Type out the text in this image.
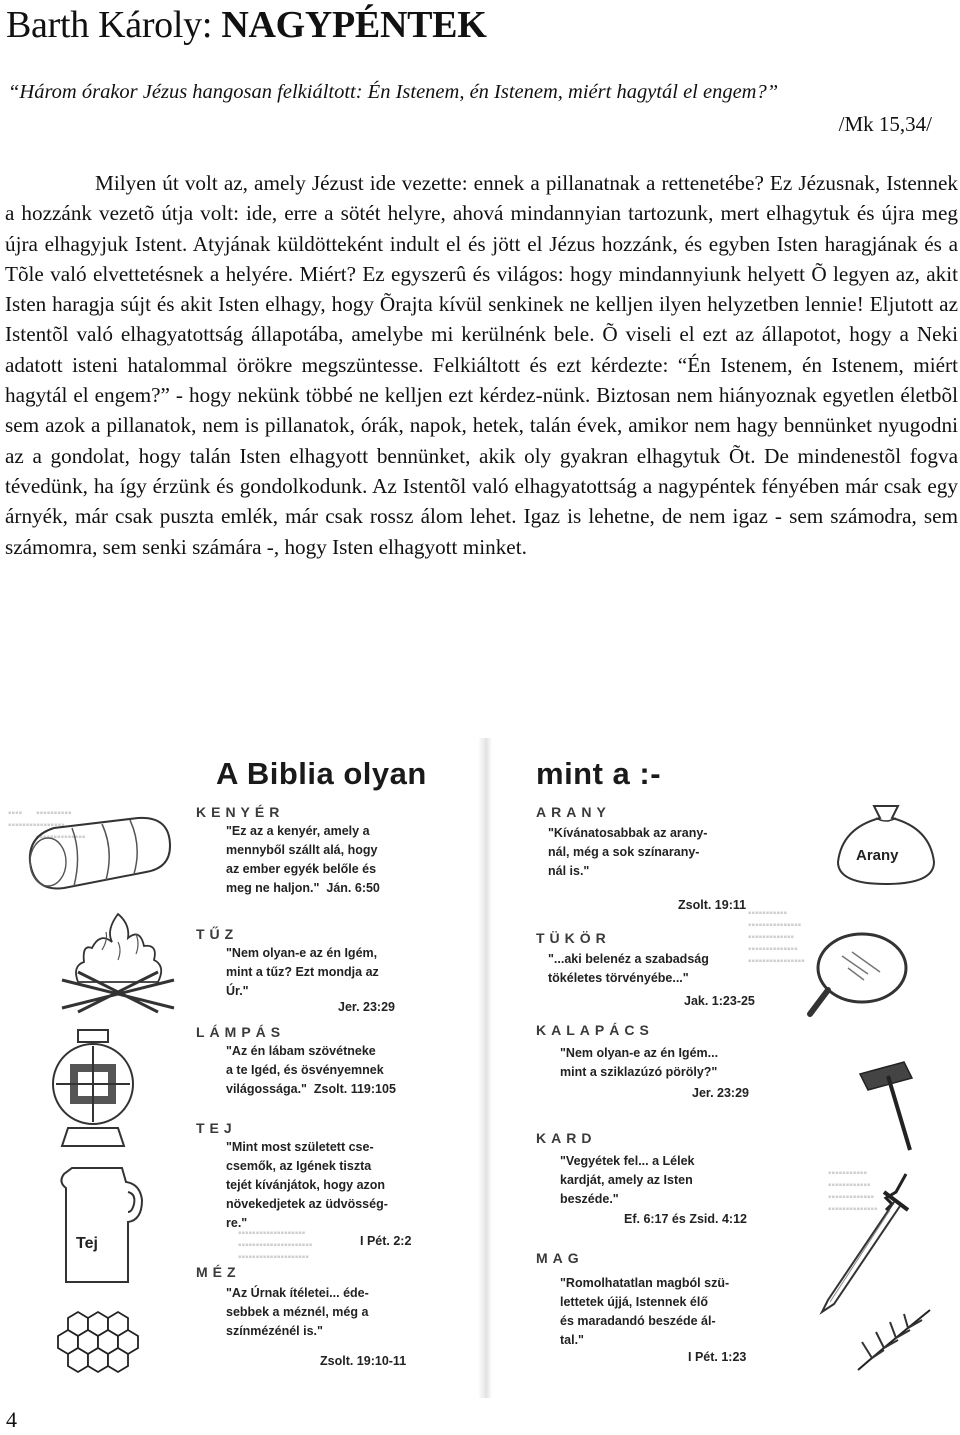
Barth Károly: NAGYPÉNTEK

“Három órakor Jézus hangosan felkiáltott: Én Istenem, én Istenem, miért hagytál el engem?”

/Mk 15,34/

Milyen út volt az, amely Jézust ide vezette: ennek a pillanatnak a rettenetébe? Ez Jézusnak, Istennek a hozzánk vezetõ útja volt: ide, erre a sötét helyre, ahová mindannyian tartozunk, mert elhagytuk és újra meg újra elhagyjuk Istent. Atyjának küldötteként indult el és jött el Jézus hozzánk, és egyben Isten haragjának és a Tõle való elvettetésnek a helyére. Miért? Ez egyszerû és világos: hogy mindannyiunk helyett Õ legyen az, akit Isten haragja sújt és akit Isten elhagy, hogy Õrajta kívül senkinek ne kelljen ilyen helyzetben lennie! Eljutott az Istentõl való elhagyatottság állapotába, amelybe mi kerülnénk bele. Õ viseli el ezt az állapotot, hogy a Neki adatott isteni hatalommal örökre megszüntesse. Felkiáltott és ezt kérdezte: “Én Istenem, én Istenem, miért hagytál el engem?” - hogy nekünk többé ne kelljen ezt kérdez-nünk. Biztosan nem hiányoznak egyetlen életbõl sem azok a pillanatok, nem is pillanatok, órák, napok, hetek, talán évek, amikor nem hagy bennünket nyugodni az a gondolat, hogy talán Isten elhagyott bennünket, akik oly gyakran elhagytuk Õt. De mindenestõl fogva tévedünk, ha így érzünk és gondolkodunk. Az Istentõl való elhagyatottság a nagypéntek fényében már csak egy árnyék, már csak puszta emlék, már csak rossz álom lehet. Igaz is lehetne, de nem igaz - sem számodra, sem számomra, sem senki számára -, hogy Isten elhagyott minket.

▪▪▪▪     ▪▪▪▪▪▪▪▪▪▪
▪▪▪▪▪▪▪▪▪▪▪▪▪▪▪▪
▪▪▪▪▪▪▪▪▪▪▪▪▪▪
▪▪▪▪▪▪▪▪▪▪▪▪▪▪▪▪▪▪▪
▪▪▪▪▪▪▪▪▪▪▪▪▪▪▪▪▪▪▪▪▪
▪▪▪▪▪▪▪▪▪▪▪▪▪▪▪▪▪▪▪▪
▪▪▪▪▪▪▪▪▪▪▪
▪▪▪▪▪▪▪▪▪▪▪▪▪▪▪
▪▪▪▪▪▪▪▪▪▪▪▪▪
▪▪▪▪▪▪▪▪▪▪▪▪▪▪
▪▪▪▪▪▪▪▪▪▪▪▪▪▪▪▪
▪▪▪▪▪▪▪▪▪▪▪
▪▪▪▪▪▪▪▪▪▪▪▪
▪▪▪▪▪▪▪▪▪▪▪▪▪
▪▪▪▪▪▪▪▪▪▪▪▪▪▪
A Biblia olyan	mint a :-
KENYÉR
"Ez az a kenyér, amely a
mennyből szállt alá, hogy
az ember egyék belőle és
meg ne haljon."  Ján. 6:50
TŰZ
"Nem olyan-e az én Igém,
mint a tűz? Ezt mondja az
Úr."
Jer. 23:29
LÁMPÁS
"Az én lábam szövétneke
a te Igéd, és ösvényemnek
világossága."  Zsolt. 119:105
TEJ
"Mint most született cse-
csemők, az Igének tiszta
tejét kívánjátok, hogy azon
növekedjetek az üdvösség-
re."
I Pét. 2:2
MÉZ
"Az Úrnak ítéletei... éde-
sebbek a méznél, még a
színmézénél is."
Zsolt. 19:10-11
ARANY
"Kívánatosabbak az arany-
nál, még a sok színarany-
nál is."
Zsolt. 19:11
TÜKÖR
"...aki belenéz a szabadság
tökéletes törvényébe..."
Jak. 1:23-25
KALAPÁCS
"Nem olyan-e az én Igém...
mint a sziklazúzó pöröly?"
Jer. 23:29
KARD
"Vegyétek fel... a Lélek
kardját, amely az Isten
beszéde."
Ef. 6:17 és Zsid. 4:12
MAG
"Romolhatatlan magból szü-
lettetek újjá, Istennek élő
és maradandó beszéde ál-
tal."
I Pét. 1:23
Tej
Arany
4
